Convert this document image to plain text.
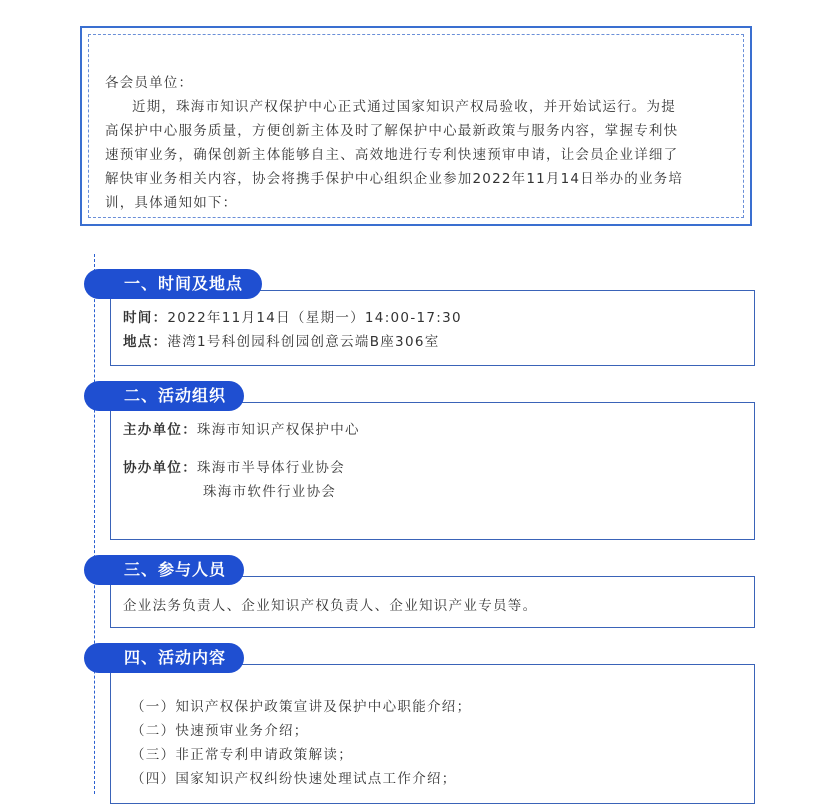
各会员单位：

近期，珠海市知识产权保护中心正式通过国家知识产权局验收，并开始试运行。为提

高保护中心服务质量，方便创新主体及时了解保护中心最新政策与服务内容，掌握专利快

速预审业务，确保创新主体能够自主、高效地进行专利快速预审申请，让会员企业详细了

解快审业务相关内容，协会将携手保护中心组织企业参加2022年11月14日举办的业务培

训，具体通知如下：

时间：2022年11月14日（星期一）14:00-17:30
地点：港湾1号科创园科创园创意云端B座306室
一、时间及地点
主办单位：珠海市知识产权保护中心
协办单位：珠海市半导体行业协会
珠海市软件行业协会
二、活动组织
企业法务负责人、企业知识产权负责人、企业知识产业专员等。
三、参与人员
（一）知识产权保护政策宣讲及保护中心职能介绍；
（二）快速预审业务介绍；
（三）非正常专利申请政策解读；
（四）国家知识产权纠纷快速处理试点工作介绍；
四、活动内容
